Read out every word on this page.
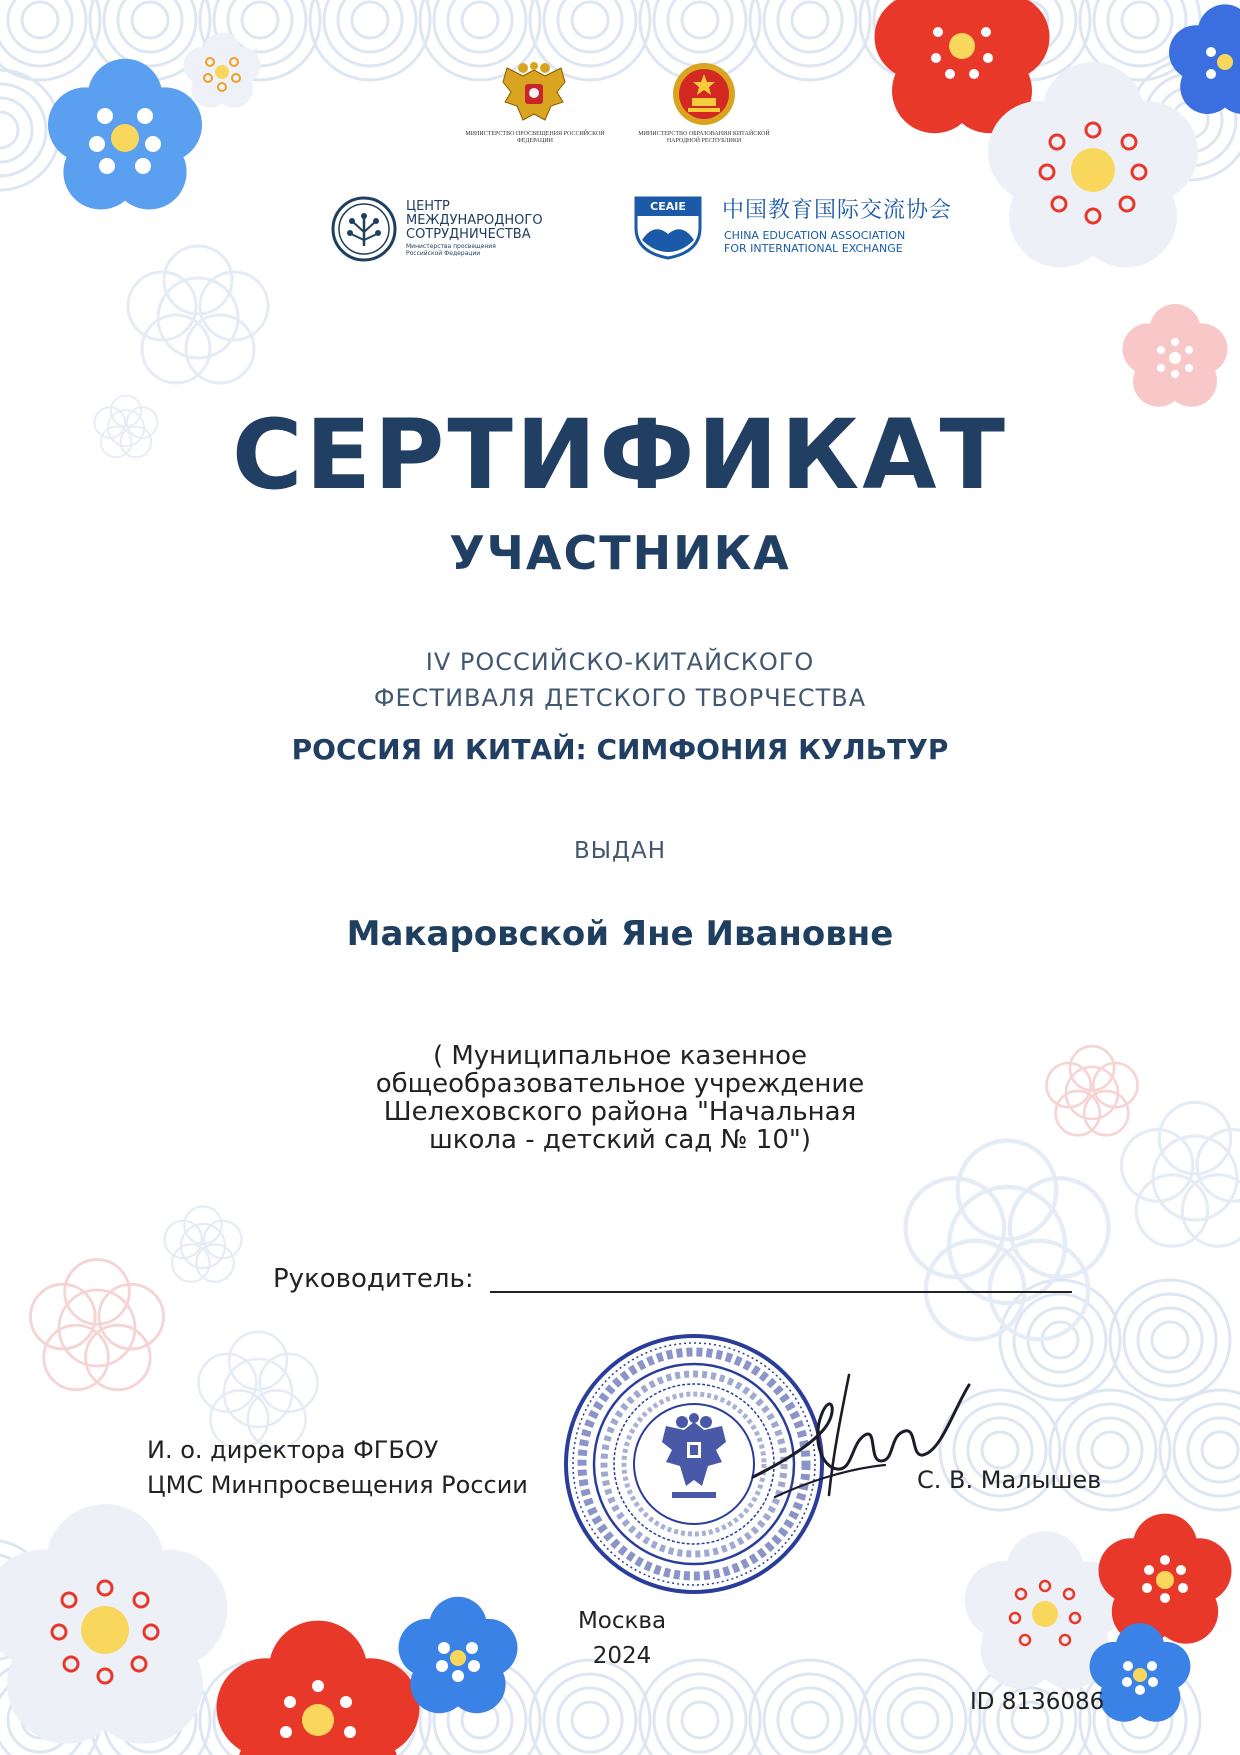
МИНИСТЕРСТВО ПРОСВЕЩЕНИЯ РОССИЙСКОЙ ФЕДЕРАЦИИ
МИНИСТЕРСТВО ОБРАЗОВАНИЯ КИТАЙСКОЙ НАРОДНОЙ РЕСПУБЛИКИ
ЦЕНТР
МЕЖДУНАРОДНОГО
СОТРУДНИЧЕСТВА
Министерства просвещения
Российской Федерации
CEAIE	中国教育国际交流协会
CHINA EDUCATION ASSOCIATION
FOR INTERNATIONAL EXCHANGE
СЕРТИФИКАТ
УЧАСТНИКА
IV РОССИЙСКО-КИТАЙСКОГО
ФЕСТИВАЛЯ ДЕТСКОГО ТВОРЧЕСТВА
РОССИЯ И КИТАЙ: СИМФОНИЯ КУЛЬТУР
ВЫДАН
Макаровской Яне Ивановне
( Муниципальное казенное
общеобразовательное учреждение
Шелеховского района "Начальная
школа - детский сад № 10")
Руководитель:
И. о. директора ФГБОУ
ЦМС Минпросвещения России	С. В. Малышев
Москва
2024
ID 8136086
